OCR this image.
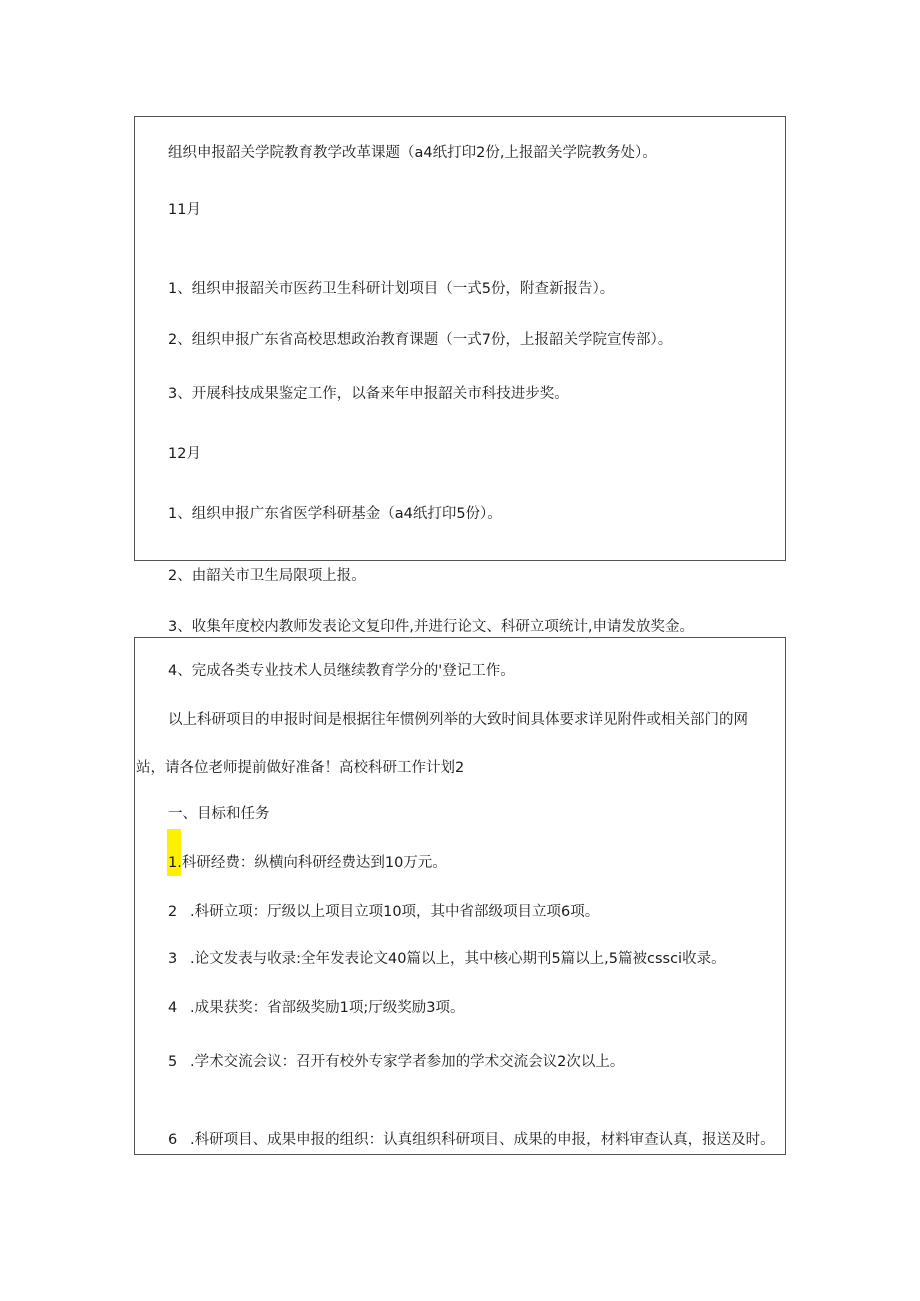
组织申报韶关学院教育教学改革课题（a4纸打印2份,上报韶关学院教务处）。
11月
1、组织申报韶关市医药卫生科研计划项目（一式5份，附查新报告）。
2、组织申报广东省高校思想政治教育课题（一式7份，上报韶关学院宣传部）。
3、开展科技成果鉴定工作，以备来年申报韶关市科技进步奖。
12月
1、组织申报广东省医学科研基金（a4纸打印5份）。
2、由韶关市卫生局限项上报。
3、收集年度校内教师发表论文复印件,并进行论文、科研立项统计,申请发放奖金。
4、完成各类专业技术人员继续教育学分的'登记工作。
以上科研项目的申报时间是根据往年惯例列举的大致时间具体要求详见附件或相关部门的网
站，请各位老师提前做好准备！高校科研工作计划2
一、目标和任务
1.科研经费：纵横向科研经费达到10万元。
2 .科研立项：厅级以上项目立项10项，其中省部级项目立项6项。
3 .论文发表与收录:全年发表论文40篇以上，其中核心期刊5篇以上,5篇被cssci收录。
4 .成果获奖：省部级奖励1项;厅级奖励3项。
5 .学术交流会议：召开有校外专家学者参加的学术交流会议2次以上。
6 .科研项目、成果申报的组织：认真组织科研项目、成果的申报，材料审查认真，报送及时。
